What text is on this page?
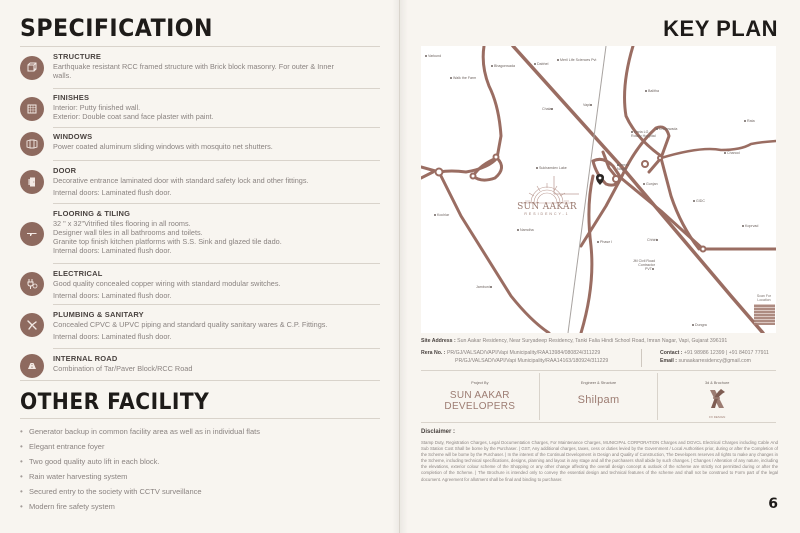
SPECIFICATION
STRUCTURE
Earthquake resistant RCC framed structure with Brick block masonry. For outer & Inner
walls.
FINISHES
Interior: Putty finished wall.
Exterior: Double coat sand face plaster with paint.
WINDOWS
Power coated aluminum sliding windows with mosquito net shutters.
DOOR
Decorative entrance laminated door with standard safety lock and other fittings.
Internal doors: Laminated flush door.
FLOORING & TILING
32 " x 32"Vitrified tiles flooring in all rooms.
Designer wall tiles in all bathrooms and toilets.
Granite top finish kitchen platforms with S.S. Sink and glazed tile dado.
Internal doors: Laminated flush door.
ELECTRICAL
Good quality concealed copper wiring with standard modular switches.
Internal doors: Laminated flush door.
PLUMBING & SANITARY
Concealed CPVC & UPVC piping and standard quality sanitary wares & C.P. Fittings.
Internal doors: Laminated flush door.
INTERNAL ROAD
Combination of Tar/Paver Block/RCC Road
OTHER FACILITY
• Generator backup in common facility area as well as in individual flats
• Elegant entrance foyer
• Two good quality auto lift in each block.
• Rain water harvesting system
• Secured entry to the society with CCTV surveillance
• Modern fire safety system
KEY PLAN
Varkund
Walk the Farm
Bhagonwada	Dabhel
Meril Life Sciences Pvt
Chala
Vapi
Balitha
Haria LG Rotary Hospital
Chharwada
Rata
Chanod
Sukhamdev Lake
Imran Nagar
Gunjan
GIDC
Koprvad
Kochlar
Namdha
Phase I	Chhiri
JM Civil Road Contractor PVT
Jambuni
Dungra
SUN AAKAR
RESIDENCY-1
Scan For Location
Site Address : Sun Aakar Residency, Near Suryadeep Residency, Tanki Falia Hindi School Road, Imran Nagar, Vapi, Gujarat 396191
Rera No. : PR/GJ/VALSAD/VAPI/Vapi Municipality/RAA13984/080824/311229
PR/GJ/VALSAD/VAPI/Vapi Municipality/RAA14163/180924/311229
Contact : +91 98986 12399 | +91 84017 77911
Email : sunaakarresidency@gmail.com
Project By
SUN AAKAR
DEVELOPERS
Engineer & Structure
Shilpam
3d & Brochure
FX DESIGN
Disclaimer :
Stamp Duty, Registration Charges, Legal Documentation Charges, For Maintenance Charges, MUNICIPAL CORPORATION Charges and DGVCL Electrical Charges including Cable And Sub Station Cost Shall be borne by the Purchaser. | GST, Any additional charges, taxes, cess or duties levied by the Government / Local Authorities prior, during or after the Completion of the Scheme will be borne by the Purchaser. | In the interest of the Continual Development in Design and Quality of Construction, The Developers reserves all rights to make any changes in the Scheme, including technical specifications, designs, planning and layout in any stage and all the purchasers shall abide by such changes. | Changes / Alteration of any nature, including the elevations, exterior colour scheme of the Shopping or any other change affecting the overall design concept & outlook of the scheme are strictly not permitted during or after the completion of the Scheme. | The Brochure is intended only to convey the essential design and technical features of the scheme and shall not be construed to Form part of the legal document. Agreement for allotment shall be final and binding to purchaser.
6
